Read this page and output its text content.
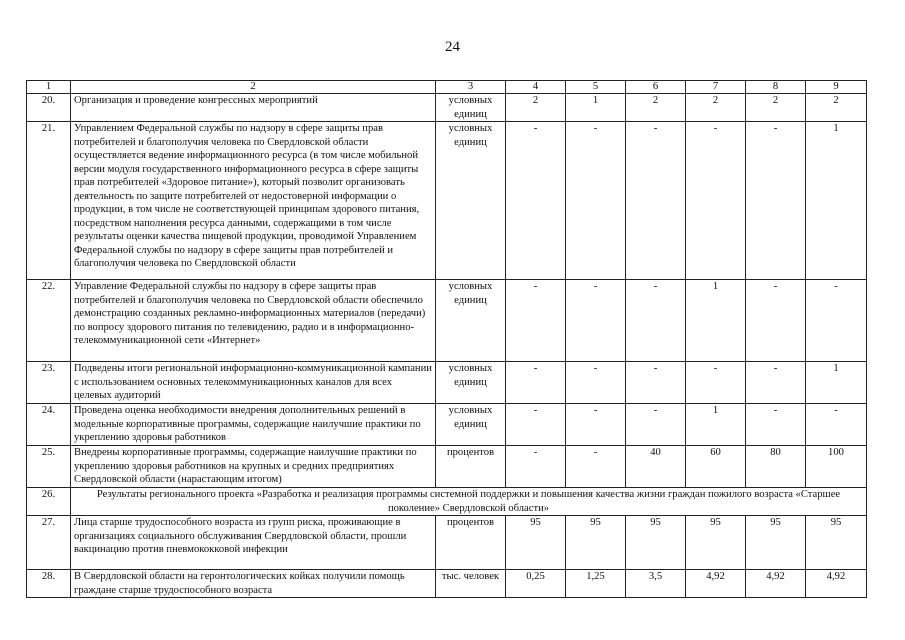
24
1	2	3	4	5	6	7	8	9
20.	Организация и проведение конгрессных мероприятий	условных единиц	2	1	2	2	2	2
21.	Управлением Федеральной службы по надзору в сфере защиты прав потребителей и благополучия человека по Свердловской области осуществляется ведение информационного ресурса (в том числе мобильной версии модуля государственного информационного ресурса в сфере защиты прав потребителей «Здоровое питание»), который позволит организовать деятельность по защите потребителей от недостоверной информации о продукции, в том числе не соответствующей принципам здорового питания, посредством наполнения ресурса данными, содержащими в том числе результаты оценки качества пищевой продукции, проводимой Управлением Федеральной службы по надзору в сфере защиты прав потребителей и благополучия человека по Свердловской области	условных единиц	-	-	-	-	-	1
22.	Управление Федеральной службы по надзору в сфере защиты прав потребителей и благополучия человека по Свердловской области обеспечило демонстрацию созданных рекламно-информационных материалов (передачи) по вопросу здорового питания по телевидению, радио и в информационно-телекоммуникационной сети «Интернет»	условных единиц	-	-	-	1	-	-
23.	Подведены итоги региональной информационно-коммуникационной кампании с использованием основных телекоммуникационных каналов для всех целевых аудиторий	условных единиц	-	-	-	-	-	1
24.	Проведена оценка необходимости внедрения дополнительных решений в модельные корпоративные программы, содержащие наилучшие практики по укреплению здоровья работников	условных единиц	-	-	-	1	-	-
25.	Внедрены корпоративные программы, содержащие наилучшие практики по укреплению здоровья работников на крупных и средних предприятиях Свердловской области (нарастающим итогом)	процентов	-	-	40	60	80	100
26.	Результаты регионального проекта «Разработка и реализация программы системной поддержки и повышения качества жизни граждан пожилого возраста «Старшее поколение» Свердловской области»							
27.	Лица старше трудоспособного возраста из групп риска, проживающие в организациях социального обслуживания Свердловской области, прошли вакцинацию против пневмококковой инфекции	процентов	95	95	95	95	95	95
28.	В Свердловской области на геронтологических койках получили помощь граждане старше трудоспособного возраста	тыс. человек	0,25	1,25	3,5	4,92	4,92	4,92
